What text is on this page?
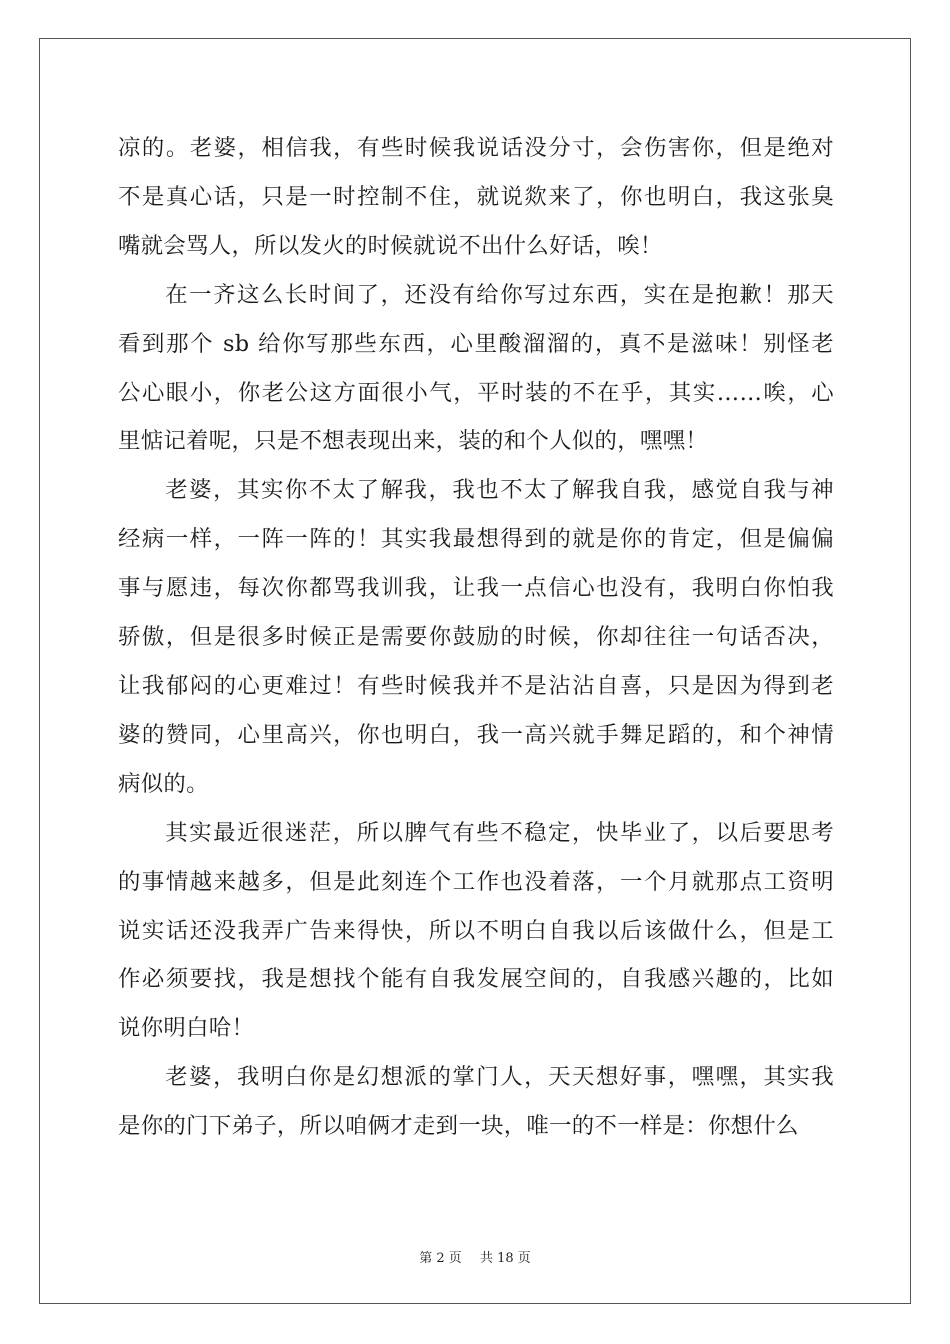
凉的。老婆，相信我，有些时候我说话没分寸，会伤害你，但是绝对
不是真心话，只是一时控制不住，就说欻来了，你也明白，我这张臭
嘴就会骂人，所以发火的时候就说不出什么好话，唉！

在一齐这么长时间了，还没有给你写过东西，实在是抱歉！那天
看到那个 sb 给你写那些东西，心里酸溜溜的，真不是滋味！别怪老
公心眼小，你老公这方面很小气，平时装的不在乎，其实……唉，心
里惦记着呢，只是不想表现出来，装的和个人似的，嘿嘿！

老婆，其实你不太了解我，我也不太了解我自我，感觉自我与神
经病一样，一阵一阵的！其实我最想得到的就是你的肯定，但是偏偏
事与愿违，每次你都骂我训我，让我一点信心也没有，我明白你怕我
骄傲，但是很多时候正是需要你鼓励的时候，你却往往一句话否决，
让我郁闷的心更难过！有些时候我并不是沾沾自喜，只是因为得到老
婆的赞同，心里高兴，你也明白，我一高兴就手舞足蹈的，和个神情
病似的。

其实最近很迷茫，所以脾气有些不稳定，快毕业了，以后要思考
的事情越来越多，但是此刻连个工作也没着落，一个月就那点工资明
说实话还没我弄广告来得快，所以不明白自我以后该做什么，但是工
作必须要找，我是想找个能有自我发展空间的，自我感兴趣的，比如
说你明白哈！

老婆，我明白你是幻想派的掌门人，天天想好事，嘿嘿，其实我
是你的门下弟子，所以咱俩才走到一块，唯一的不一样是：你想什么

第 2 页 共 18 页
